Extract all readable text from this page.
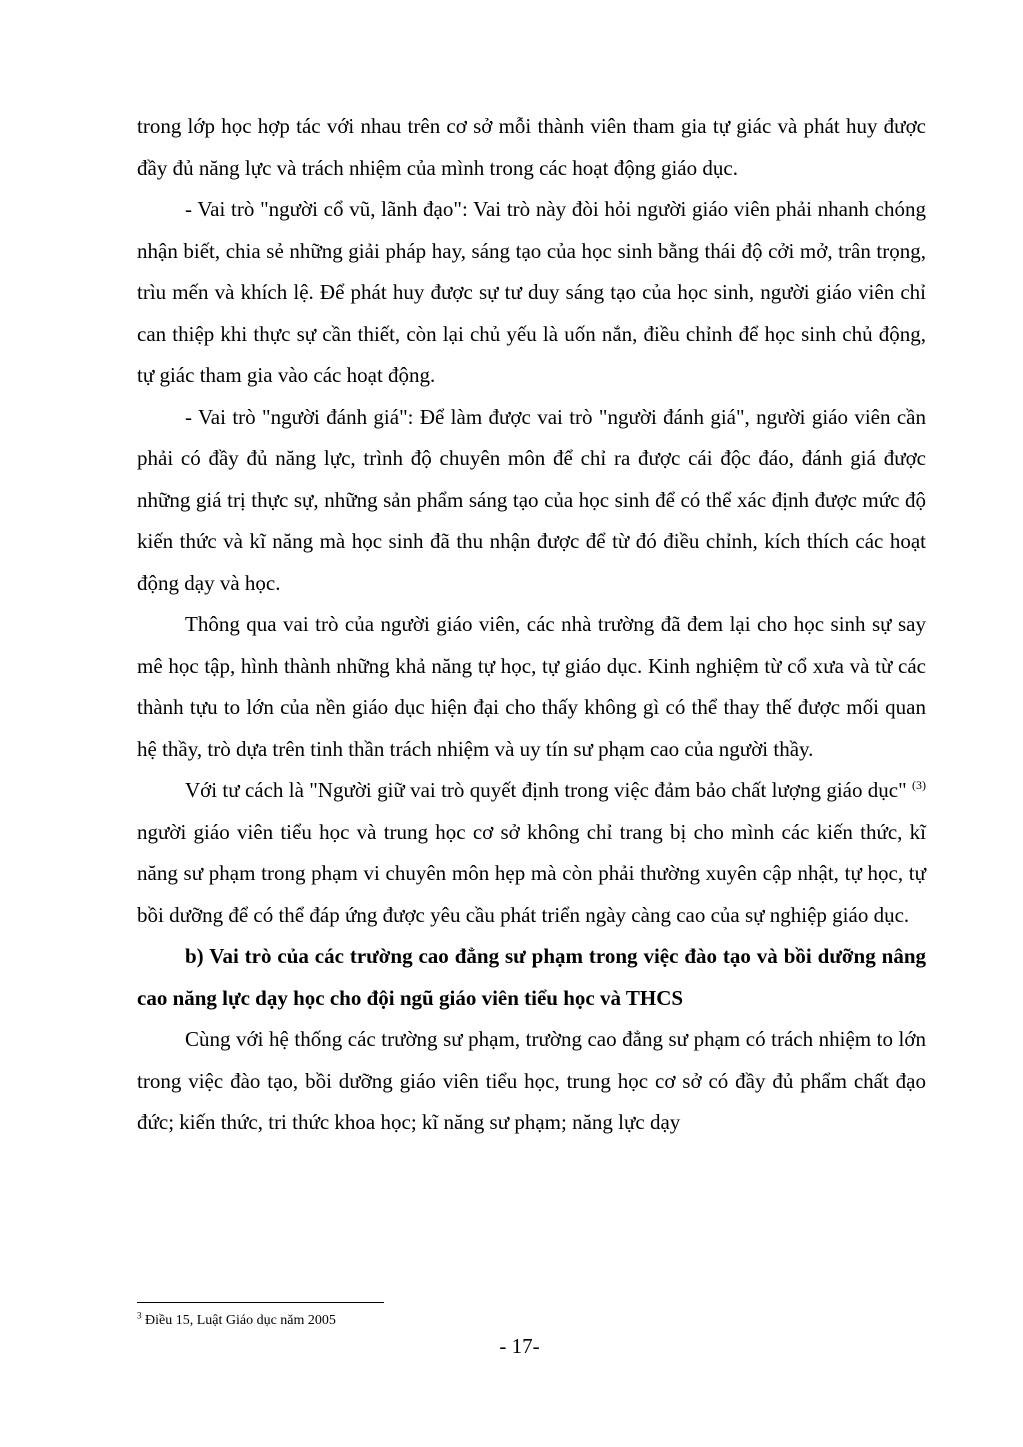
trong lớp học hợp tác với nhau trên cơ sở mỗi thành viên tham gia tự giác và phát huy được đầy đủ năng lực và trách nhiệm của mình trong các hoạt động giáo dục.

- Vai trò "người cổ vũ, lãnh đạo": Vai trò này đòi hỏi người giáo viên phải nhanh chóng nhận biết, chia sẻ những giải pháp hay, sáng tạo của học sinh bằng thái độ cởi mở, trân trọng, trìu mến và khích lệ. Để phát huy được sự tư duy sáng tạo của học sinh, người giáo viên chỉ can thiệp khi thực sự cần thiết, còn lại chủ yếu là uốn nắn, điều chỉnh để học sinh chủ động, tự giác tham gia vào các hoạt động.

- Vai trò "người đánh giá": Để làm được vai trò "người đánh giá", người giáo viên cần phải có đầy đủ năng lực, trình độ chuyên môn để chỉ ra được cái độc đáo, đánh giá được những giá trị thực sự, những sản phẩm sáng tạo của học sinh để có thể xác định được mức độ kiến thức và kĩ năng mà học sinh đã thu nhận được để từ đó điều chỉnh, kích thích các hoạt động dạy và học.

Thông qua vai trò của người giáo viên, các nhà trường đã đem lại cho học sinh sự say mê học tập, hình thành những khả năng tự học, tự giáo dục. Kinh nghiệm từ cổ xưa và từ các thành tựu to lớn của nền giáo dục hiện đại cho thấy không gì có thể thay thế được mối quan hệ thầy, trò dựa trên tinh thần trách nhiệm và uy tín sư phạm cao của người thầy.

Với tư cách là "Người giữ vai trò quyết định trong việc đảm bảo chất lượng giáo dục" $^{(3)}$ người giáo viên tiểu học và trung học cơ sở không chỉ trang bị cho mình các kiến thức, kĩ năng sư phạm trong phạm vi chuyên môn hẹp mà còn phải thường xuyên cập nhật, tự học, tự bồi dưỡng để có thể đáp ứng được yêu cầu phát triển ngày càng cao của sự nghiệp giáo dục.

b) Vai trò của các trường cao đẳng sư phạm trong việc đào tạo và bồi dưỡng nâng cao năng lực dạy học cho đội ngũ giáo viên tiểu học và THCS

Cùng với hệ thống các trường sư phạm, trường cao đẳng sư phạm có trách nhiệm to lớn trong việc đào tạo, bồi dưỡng giáo viên tiểu học, trung học cơ sở có đầy đủ phẩm chất đạo đức; kiến thức, tri thức khoa học; kĩ năng sư phạm; năng lực dạy

$^3$ Điều 15, Luật Giáo dục năm 2005
- 17-
